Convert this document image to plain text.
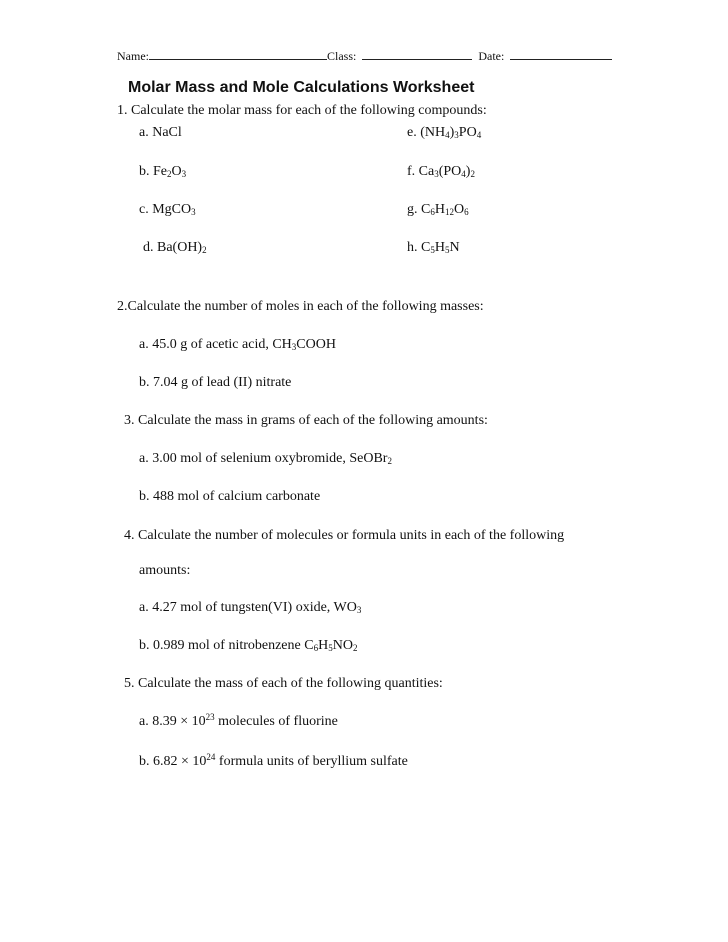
Name:	Class:	Date:
Molar Mass and Mole Calculations Worksheet
1. Calculate the molar mass for each of the following compounds:
a. NaCl
b. $Fe_2O_3$
c. MgCO$_3$
d. $Ba(OH)_2$
e. $(NH_4)_3PO_4$
f. $Ca_3(PO_4)_2$
g. $C_6H_{12}O_6$
h. $C_5H_5N$
2.Calculate the number of moles in each of the following masses:
a. 45.0 g of acetic acid, $CH_3COOH$
b. 7.04 g of lead (II) nitrate
3. Calculate the mass in grams of each of the following amounts:
a. 3.00 mol of selenium oxybromide, SeOBr$_2$
b. 488 mol of calcium carbonate
4. Calculate the number of molecules or formula units in each of the following
amounts:
a. 4.27 mol of tungsten(VI) oxide, $WO_3$
b. 0.989 mol of nitrobenzene $C_6H_5NO_2$
5. Calculate the mass of each of the following quantities:
a. $8.39 \times 10^{23}$ molecules of fluorine
b. $6.82 \times 10^{24}$ formula units of beryllium sulfate
